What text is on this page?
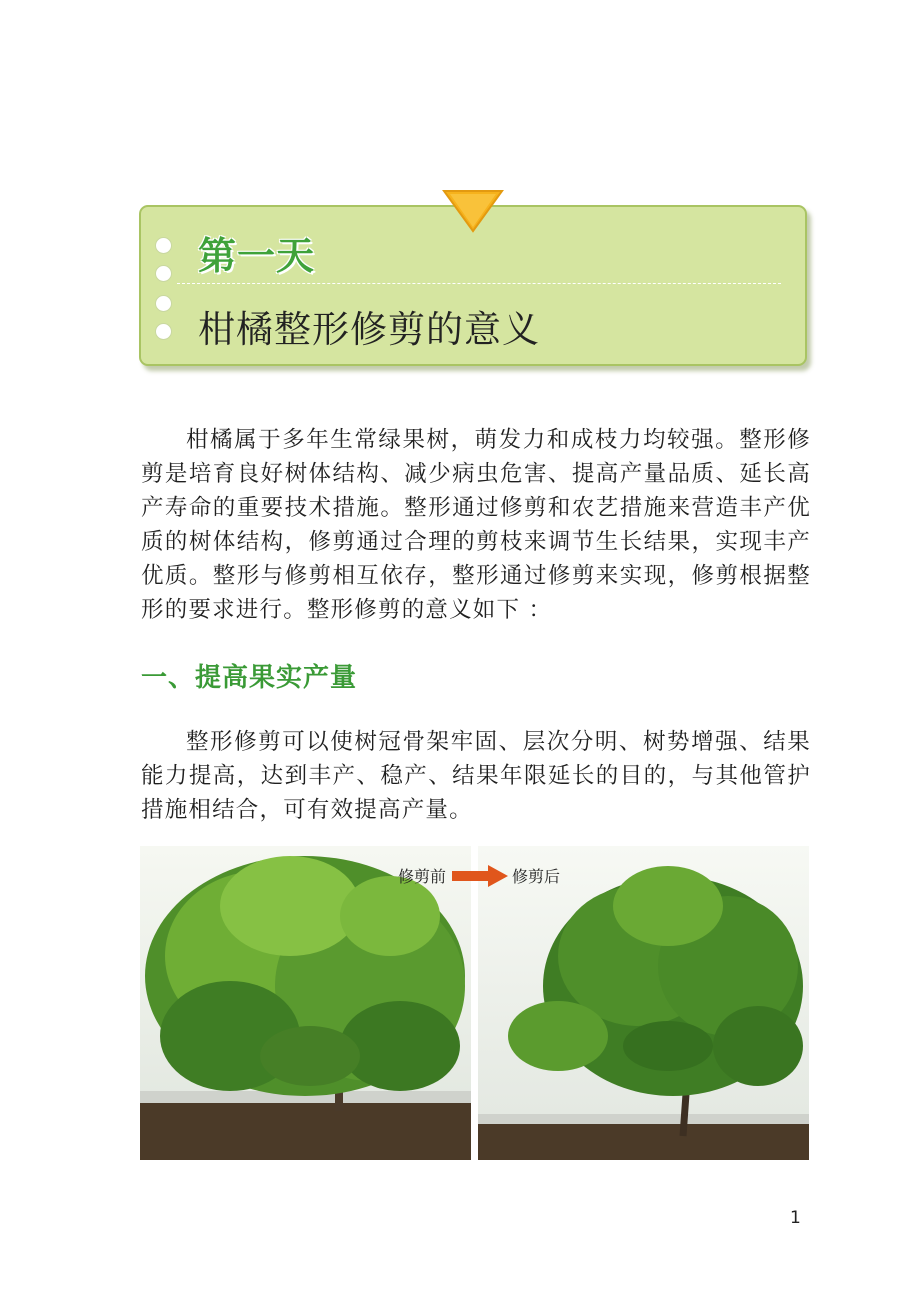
第一天
柑橘整形修剪的意义

柑橘属于多年生常绿果树，萌发力和成枝力均较强。整形修剪是培育良好树体结构、减少病虫危害、提高产量品质、延长高产寿命的重要技术措施。整形通过修剪和农艺措施来营造丰产优质的树体结构，修剪通过合理的剪枝来调节生长结果，实现丰产优质。整形与修剪相互依存，整形通过修剪来实现，修剪根据整形的要求进行。整形修剪的意义如下 ：

一、提高果实产量

整形修剪可以使树冠骨架牢固、层次分明、树势增强、结果能力提高，达到丰产、稳产、结果年限延长的目的，与其他管护措施相结合，可有效提高产量。

修剪前	修剪后
1
